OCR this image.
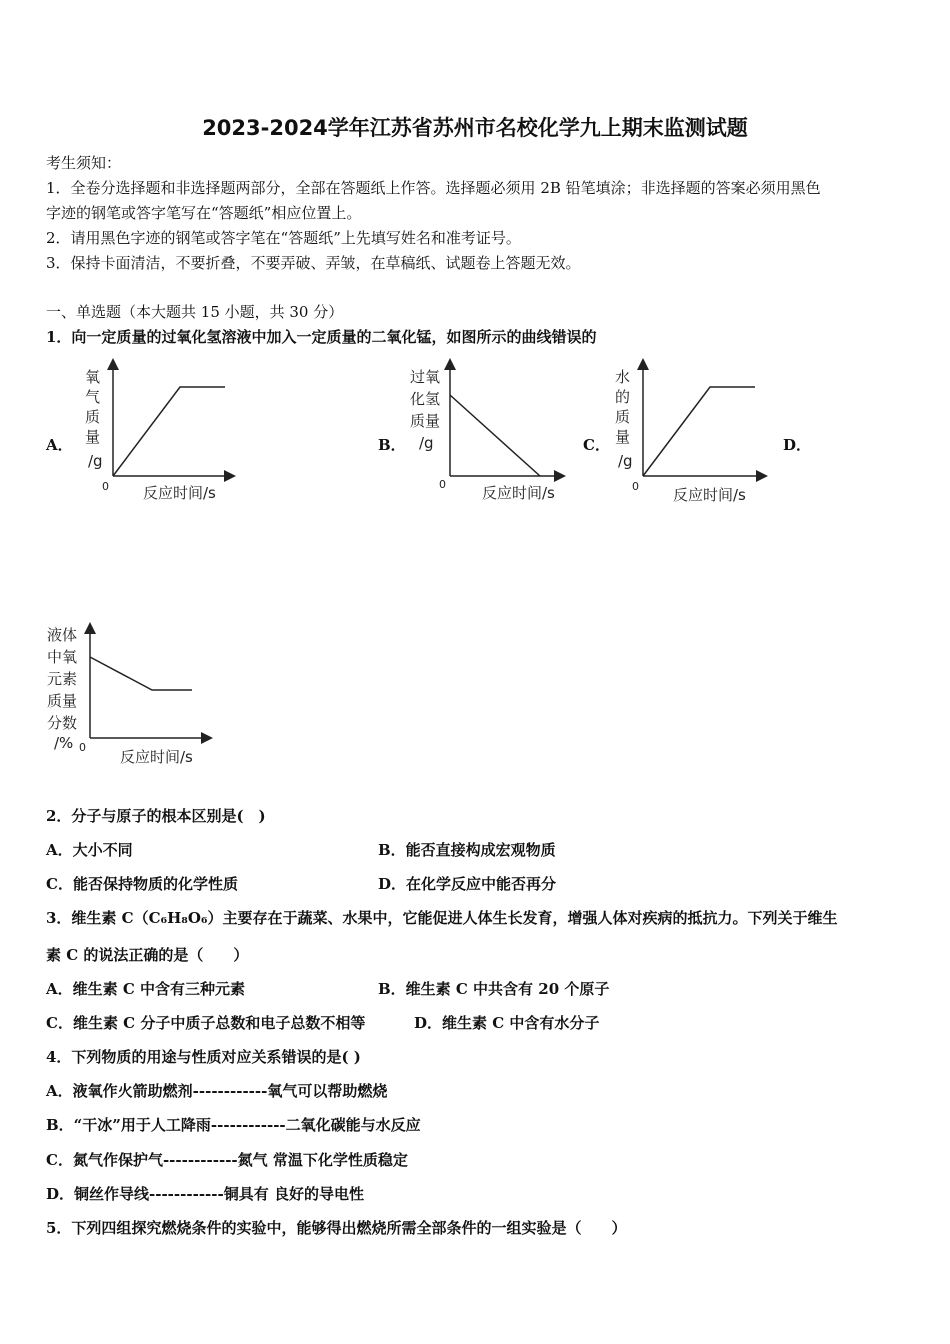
2023-2024学年江苏省苏州市名校化学九上期末监测试题
考生须知：
1．全卷分选择题和非选择题两部分，全部在答题纸上作答。选择题必须用 2B 铅笔填涂；非选择题的答案必须用黑色
字迹的钢笔或答字笔写在“答题纸”相应位置上。
2．请用黑色字迹的钢笔或答字笔在“答题纸”上先填写姓名和准考证号。
3．保持卡面清洁，不要折叠，不要弄破、弄皱，在草稿纸、试题卷上答题无效。
一、单选题（本大题共 15 小题，共 30 分）
1．向一定质量的过氧化氢溶液中加入一定质量的二氧化锰，如图所示的曲线错误的
A．	B．	C．	D．
氧
气
质
量
/g
0 反应时间/s
过氧
化氢
质量
/g
0 反应时间/s
水
的
质
量
/g
0 反应时间/s
液体
中氧
元素
质量
分数
/% 0
反应时间/s
2．分子与原子的根本区别是(　)
A．大小不同	B．能否直接构成宏观物质
C．能否保持物质的化学性质	D．在化学反应中能否再分
3．维生素 C（C₆H₈O₆）主要存在于蔬菜、水果中，它能促进人体生长发育，增强人体对疾病的抵抗力。下列关于维生
素 C 的说法正确的是（　　）
A．维生素 C 中含有三种元素	B．维生素 C 中共含有 20 个原子
C．维生素 C 分子中质子总数和电子总数不相等	D．维生素 C 中含有水分子
4．下列物质的用途与性质对应关系错误的是( )
A．液氧作火箭助燃剂------------氧气可以帮助燃烧
B．“干冰”用于人工降雨------------二氧化碳能与水反应
C．氮气作保护气------------氮气 常温下化学性质稳定
D．铜丝作导线------------铜具有 良好的导电性
5．下列四组探究燃烧条件的实验中，能够得出燃烧所需全部条件的一组实验是（　　）
